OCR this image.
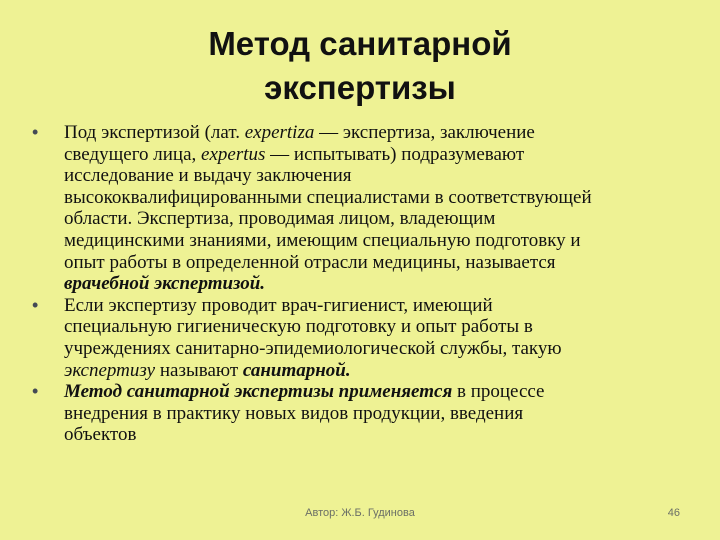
Метод санитарной
экспертизы
• Под экспертизой (лат. expertiza — экспертиза, заключение
сведущего лица, expertus — испытывать) подразумевают
исследование и выдачу заключения
высококвалифицированными специалистами в соответствующей
области. Экспертиза, проводимая лицом, владеющим
медицинскими знаниями, имеющим специальную подготовку и
опыт работы в определенной отрасли медицины, называется
врачебной экспертизой.
• Если экспертизу проводит врач-гигиенист, имеющий
специальную гигиеническую подготовку и опыт работы в
учреждениях санитарно-эпидемиологической службы, такую
экспертизу называют санитарной.
• Метод санитарной экспертизы применяется в процессе
внедрения в практику новых видов продукции, введения
объектов
Автор: Ж.Б. Гудинова	46
